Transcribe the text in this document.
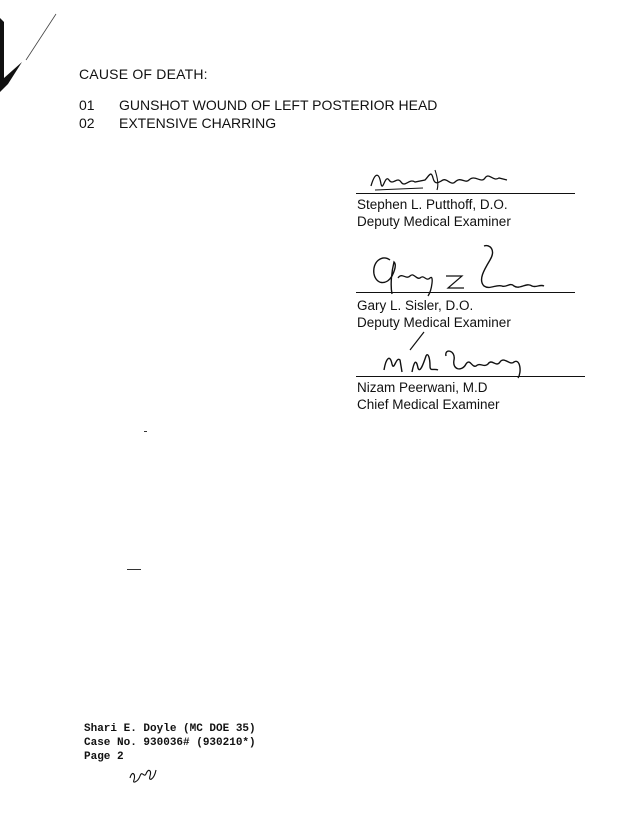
CAUSE OF DEATH:
01 GUNSHOT WOUND OF LEFT POSTERIOR HEAD
02 EXTENSIVE CHARRING
Stephen L. Putthoff, D.O.
Deputy Medical Examiner
Gary L. Sisler, D.O.
Deputy Medical Examiner
Nizam Peerwani, M.D
Chief Medical Examiner
Shari E. Doyle (MC DOE 35)
Case No. 930036# (930210*)
Page 2
